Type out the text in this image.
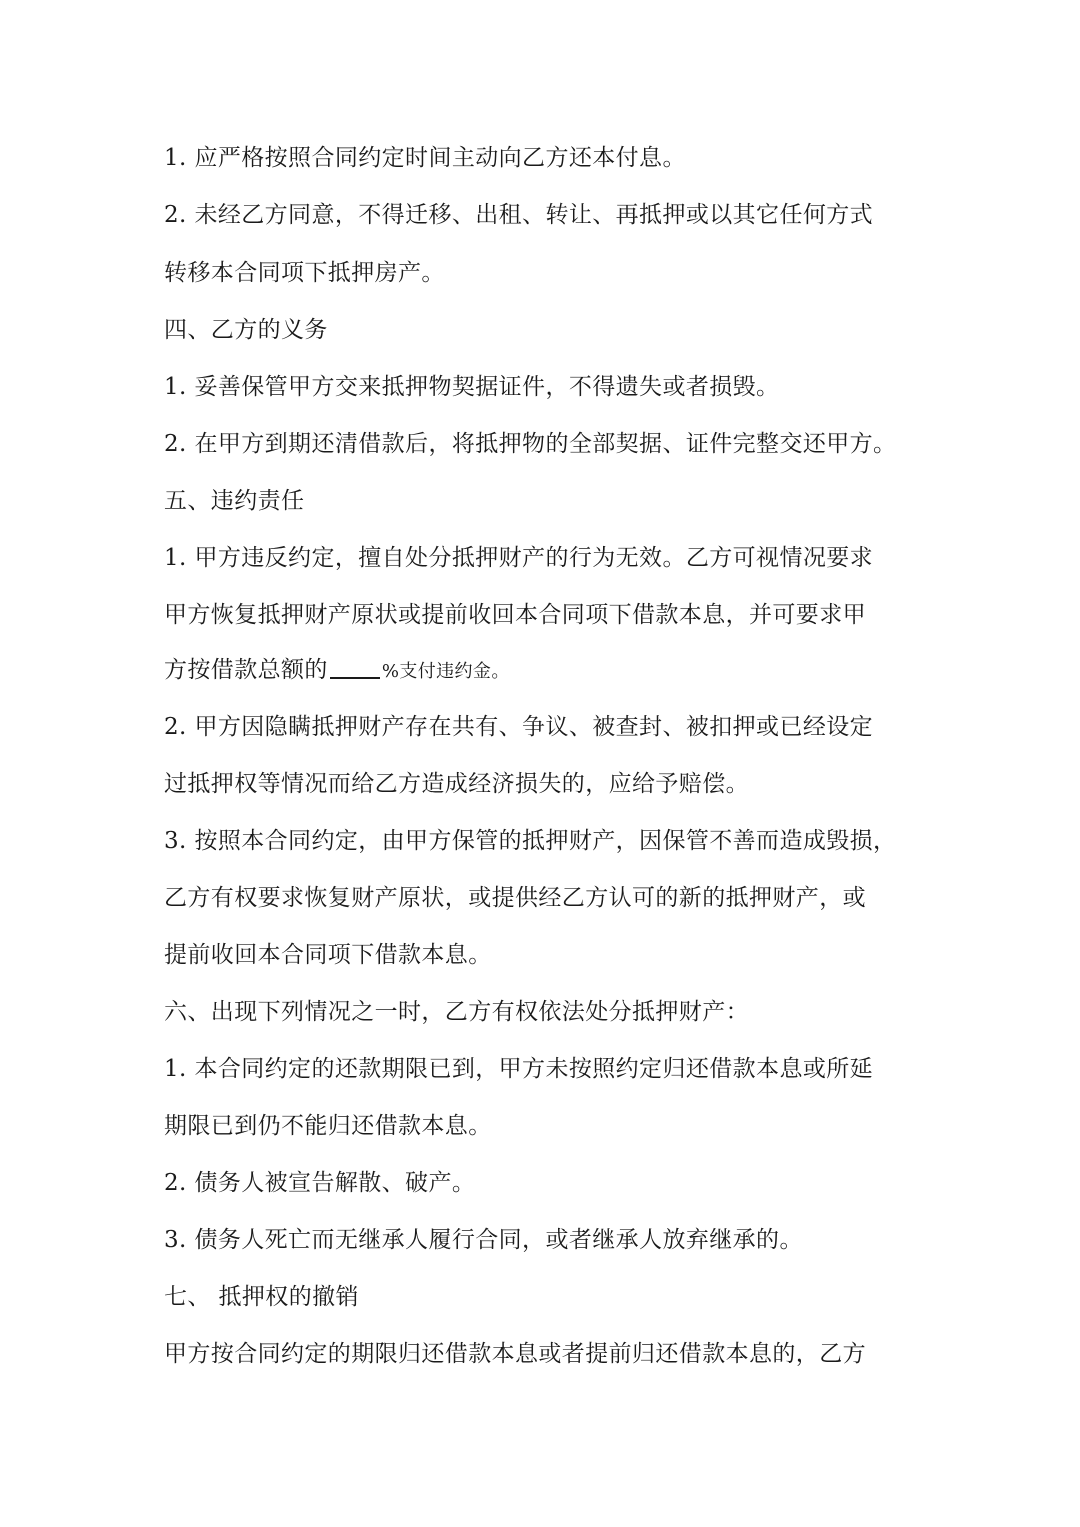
1. 应严格按照合同约定时间主动向乙方还本付息。
2. 未经乙方同意，不得迁移、出租、转让、再抵押或以其它任何方式
转移本合同项下抵押房产。
四、乙方的义务
1. 妥善保管甲方交来抵押物契据证件，不得遗失或者损毁。
2. 在甲方到期还清借款后，将抵押物的全部契据、证件完整交还甲方。
五、违约责任
1. 甲方违反约定，擅自处分抵押财产的行为无效。乙方可视情况要求
甲方恢复抵押财产原状或提前收回本合同项下借款本息，并可要求甲
方按借款总额的	%支付违约金。
2. 甲方因隐瞒抵押财产存在共有、争议、被查封、被扣押或已经设定
过抵押权等情况而给乙方造成经济损失的，应给予赔偿。
3. 按照本合同约定，由甲方保管的抵押财产，因保管不善而造成毁损，
乙方有权要求恢复财产原状，或提供经乙方认可的新的抵押财产，或
提前收回本合同项下借款本息。
六、出现下列情况之一时，乙方有权依法处分抵押财产：
1. 本合同约定的还款期限已到，甲方未按照约定归还借款本息或所延
期限已到仍不能归还借款本息。
2. 债务人被宣告解散、破产。
3. 债务人死亡而无继承人履行合同，或者继承人放弃继承的。
七、 抵押权的撤销
甲方按合同约定的期限归还借款本息或者提前归还借款本息的，乙方
